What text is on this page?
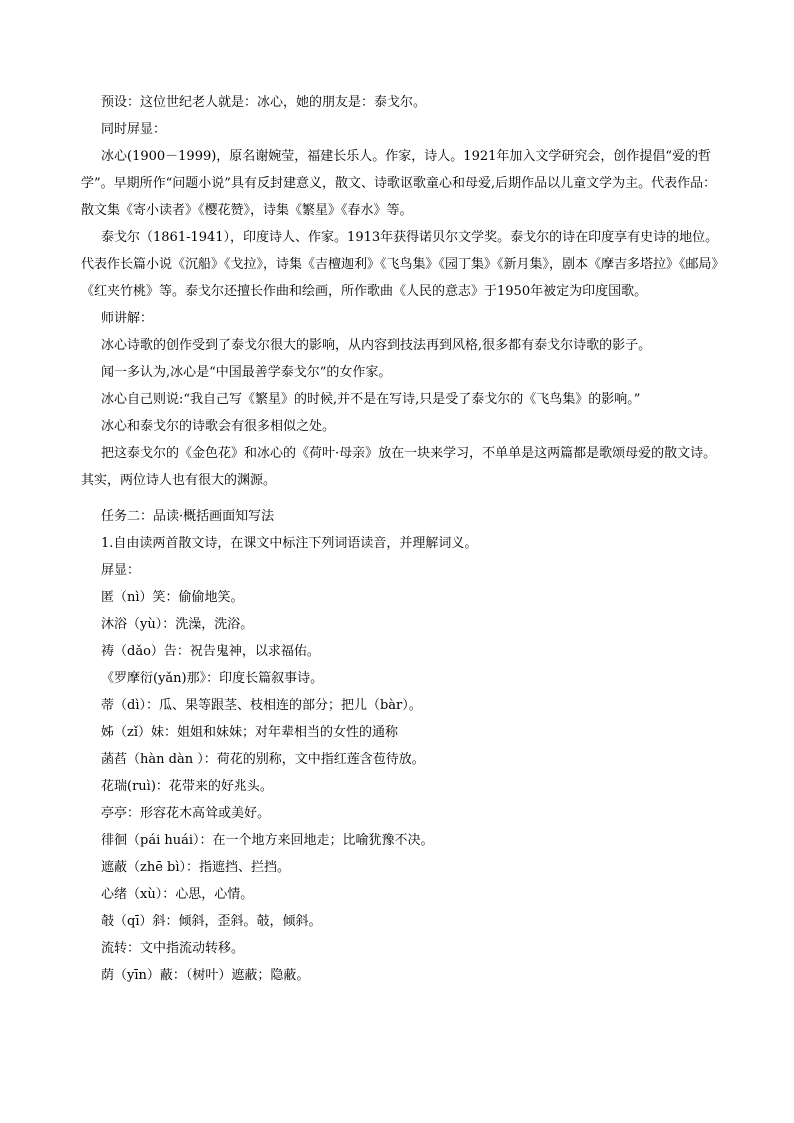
预设：这位世纪老人就是：冰心，她的朋友是：泰戈尔。

同时屏显：

冰心(1900－1999)，原名谢婉莹，福建长乐人。作家，诗人。1921年加入文学研究会，创作提倡“爱的哲学”。早期所作“问题小说”具有反封建意义，散文、诗歌讴歌童心和母爱,后期作品以儿童文学为主。代表作品：散文集《寄小读者》《樱花赞》，诗集《繁星》《春水》等。

泰戈尔（1861-1941），印度诗人、作家。1913年获得诺贝尔文学奖。泰戈尔的诗在印度享有史诗的地位。代表作长篇小说《沉船》《戈拉》，诗集《吉檀迦利》《飞鸟集》《园丁集》《新月集》，剧本《摩吉多塔拉》《邮局》《红夹竹桃》等。泰戈尔还擅长作曲和绘画，所作歌曲《人民的意志》于1950年被定为印度国歌。

师讲解：

冰心诗歌的创作受到了泰戈尔很大的影响，从内容到技法再到风格,很多都有泰戈尔诗歌的影子。

闻一多认为,冰心是“中国最善学泰戈尔”的女作家。

冰心自己则说:“我自己写《繁星》的时候,并不是在写诗,只是受了泰戈尔的《飞鸟集》的影响。”

冰心和泰戈尔的诗歌会有很多相似之处。

把这泰戈尔的《金色花》和冰心的《荷叶·母亲》放在一块来学习，不单单是这两篇都是歌颂母爱的散文诗。其实，两位诗人也有很大的渊源。

任务二：品读·概括画面知写法

1.自由读两首散文诗，在课文中标注下列词语读音，并理解词义。

屏显：

匿（nì）笑：偷偷地笑。

沐浴（yù）：洗澡，洗浴。

祷（dǎo）告：祝告鬼神，以求福佑。

《罗摩衍(yǎn)那》：印度长篇叙事诗。

蒂（dì）：瓜、果等跟茎、枝相连的部分；把儿（bàr）。

姊（zǐ）妹：姐姐和妹妹；对年辈相当的女性的通称

菡萏（hàn dàn ）：荷花的别称，文中指红莲含苞待放。

花瑞(ruì)：花带来的好兆头。

亭亭：形容花木高耸或美好。

徘徊（pái huái）：在一个地方来回地走；比喻犹豫不决。

遮蔽（zhē bì）：指遮挡、拦挡。

心绪（xù）：心思，心情。

攲（qī）斜：倾斜，歪斜。攲，倾斜。

流转：文中指流动转移。

荫（yīn）蔽：（树叶）遮蔽；隐蔽。
